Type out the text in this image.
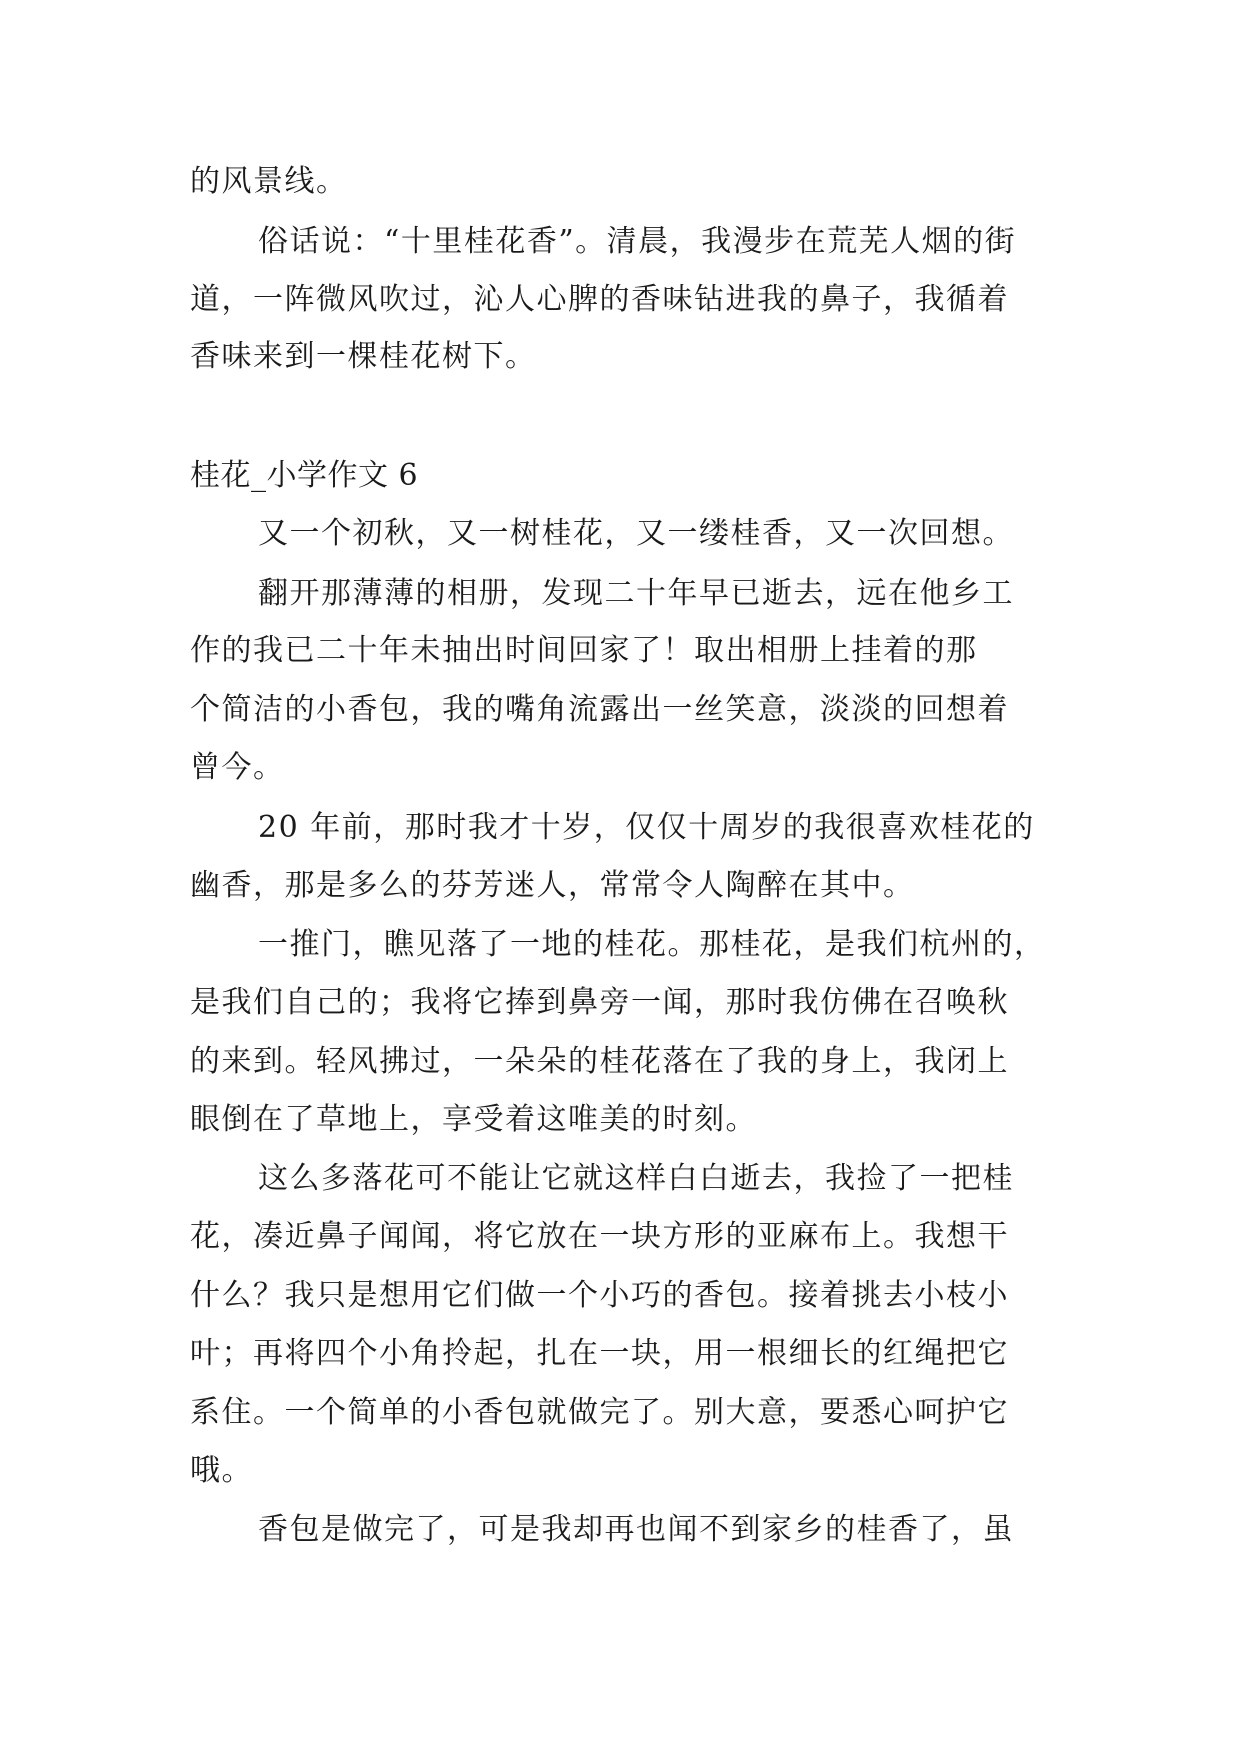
的风景线。
俗话说：“十里桂花香”。清晨，我漫步在荒芜人烟的街
道，一阵微风吹过，沁人心脾的香味钻进我的鼻子，我循着
香味来到一棵桂花树下。
桂花_小学作文 6
又一个初秋，又一树桂花，又一缕桂香，又一次回想。
翻开那薄薄的相册，发现二十年早已逝去，远在他乡工
作的我已二十年未抽出时间回家了！取出相册上挂着的那
个简洁的小香包，我的嘴角流露出一丝笑意，淡淡的回想着
曾今。
20 年前，那时我才十岁，仅仅十周岁的我很喜欢桂花的
幽香，那是多么的芬芳迷人，常常令人陶醉在其中。
一推门，瞧见落了一地的桂花。那桂花，是我们杭州的，
是我们自己的；我将它捧到鼻旁一闻，那时我仿佛在召唤秋
的来到。轻风拂过，一朵朵的桂花落在了我的身上，我闭上
眼倒在了草地上，享受着这唯美的时刻。
这么多落花可不能让它就这样白白逝去，我捡了一把桂
花，凑近鼻子闻闻，将它放在一块方形的亚麻布上。我想干
什么？我只是想用它们做一个小巧的香包。接着挑去小枝小
叶；再将四个小角拎起，扎在一块，用一根细长的红绳把它
系住。一个简单的小香包就做完了。别大意，要悉心呵护它
哦。
香包是做完了，可是我却再也闻不到家乡的桂香了，虽
